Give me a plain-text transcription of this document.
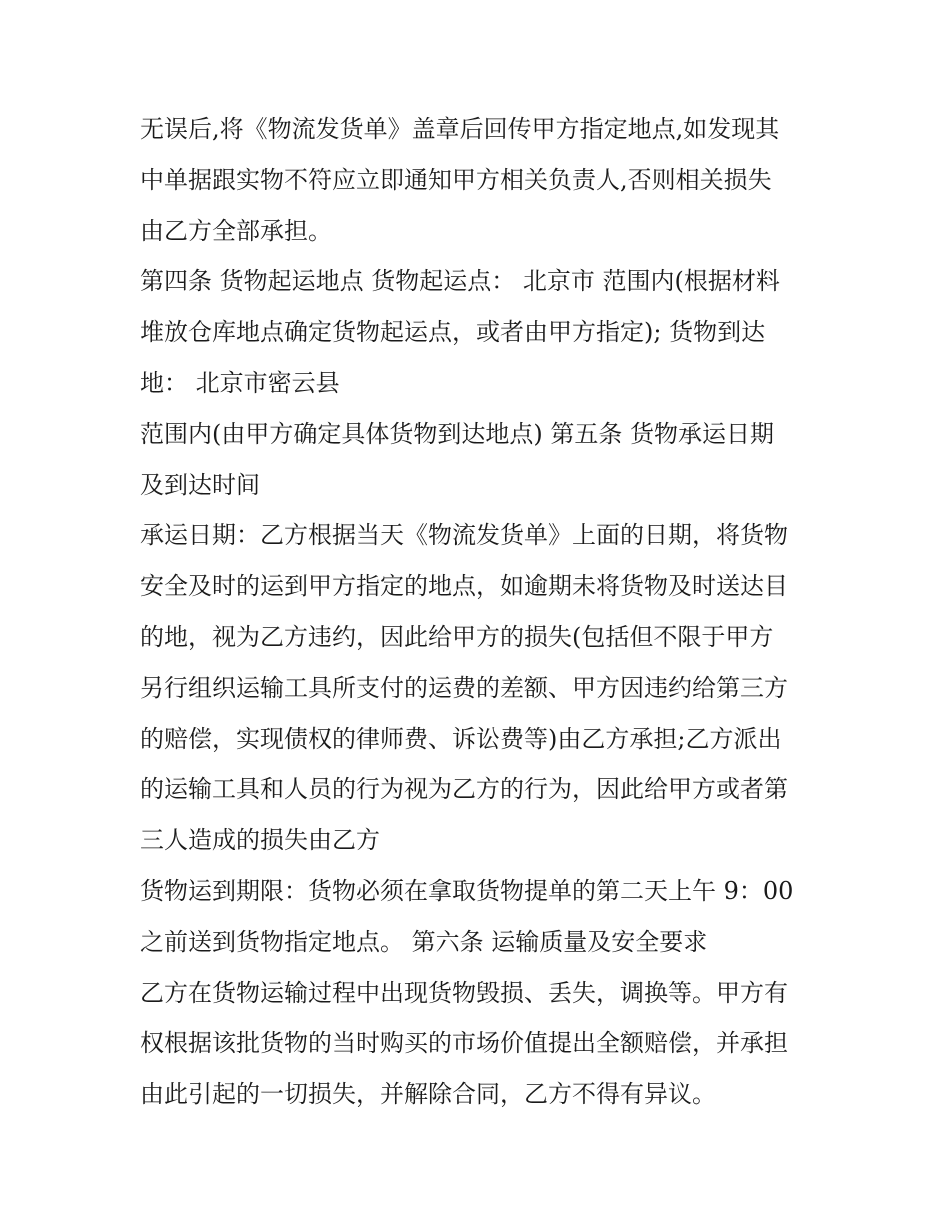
无误后,将《物流发货单》盖章后回传甲方指定地点,如发现其
中单据跟实物不符应立即通知甲方相关负责人,否则相关损失
由乙方全部承担。
第四条 货物起运地点 货物起运点： 北京市 范围内(根据材料
堆放仓库地点确定货物起运点，或者由甲方指定); 货物到达
地： 北京市密云县
范围内(由甲方确定具体货物到达地点) 第五条 货物承运日期
及到达时间
承运日期：乙方根据当天《物流发货单》上面的日期，将货物
安全及时的运到甲方指定的地点，如逾期未将货物及时送达目
的地，视为乙方违约，因此给甲方的损失(包括但不限于甲方
另行组织运输工具所支付的运费的差额、甲方因违约给第三方
的赔偿，实现债权的律师费、诉讼费等)由乙方承担;乙方派出
的运输工具和人员的行为视为乙方的行为，因此给甲方或者第
三人造成的损失由乙方
货物运到期限：货物必须在拿取货物提单的第二天上午 9：00
之前送到货物指定地点。 第六条 运输质量及安全要求
乙方在货物运输过程中出现货物毁损、丢失，调换等。甲方有
权根据该批货物的当时购买的市场价值提出全额赔偿，并承担
由此引起的一切损失，并解除合同，乙方不得有异议。
